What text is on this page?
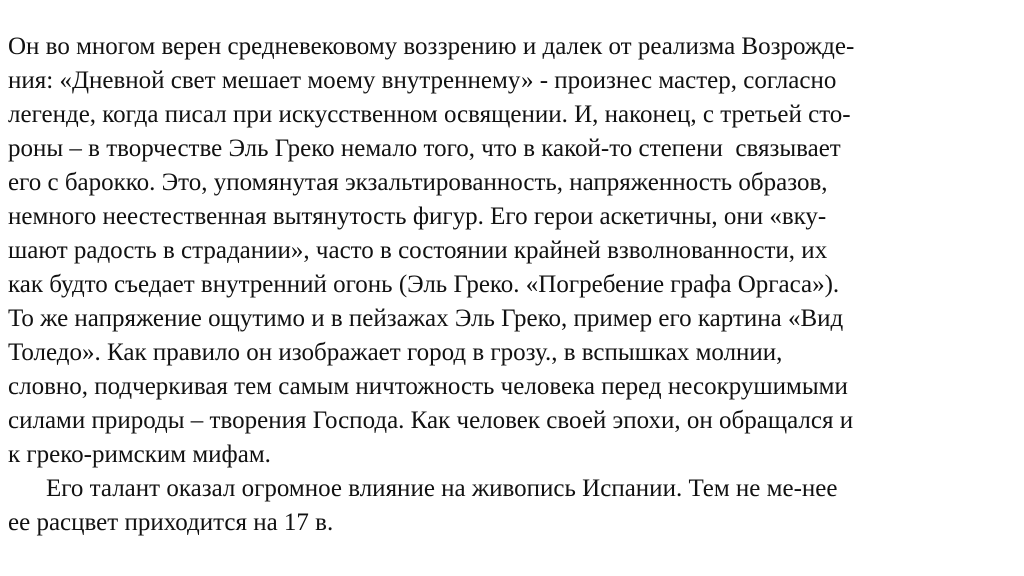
Он во многом верен средневековому воззрению и далек от реализма Возрожде-
ния: «Дневной свет мешает моему внутреннему» - произнес мастер, согласно
легенде, когда писал при искусственном освящении. И, наконец, с третьей сто-
роны – в творчестве Эль Греко немало того, что в какой-то степени  связывает
его с барокко. Это, упомянутая экзальтированность, напряженность образов,
немного неестественная вытянутость фигур. Его герои аскетичны, они «вку-
шают радость в страдании», часто в состоянии крайней взволнованности, их
как будто съедает внутренний огонь (Эль Греко. «Погребение графа Оргаса»).
То же напряжение ощутимо и в пейзажах Эль Греко, пример его картина «Вид
Толедо». Как правило он изображает город в грозу., в вспышках молнии,
словно, подчеркивая тем самым ничтожность человека перед несокрушимыми
силами природы – творения Господа. Как человек своей эпохи, он обращался и
к греко-римским мифам.
Его талант оказал огромное влияние на живопись Испании. Тем не ме-нее
ее расцвет приходится на 17 в.
